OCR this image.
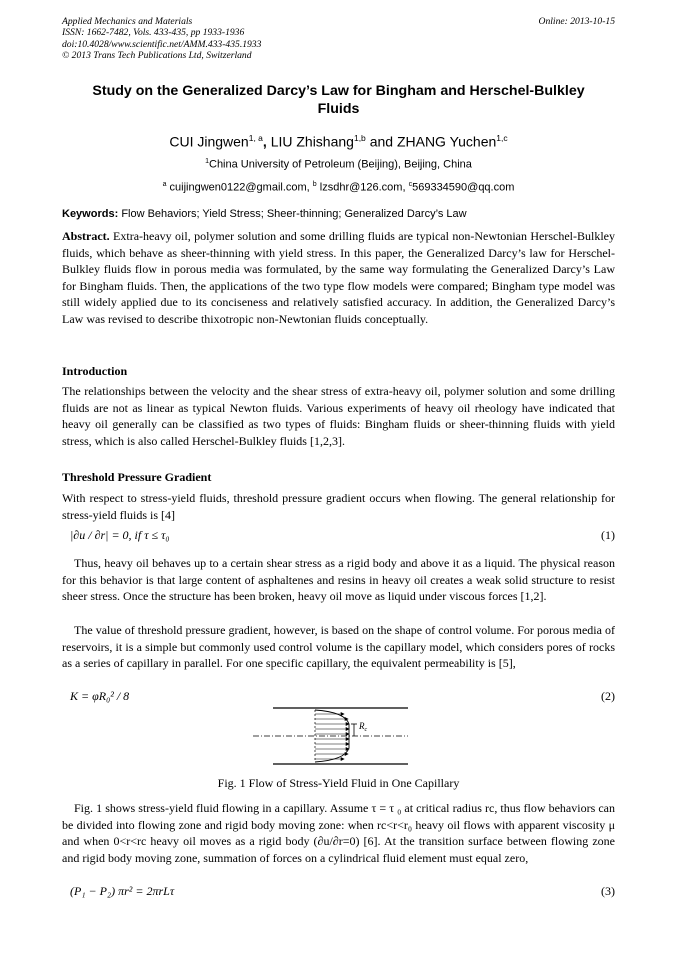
Applied Mechanics and Materials
ISSN: 1662-7482, Vols. 433-435, pp 1933-1936
doi:10.4028/www.scientific.net/AMM.433-435.1933
© 2013 Trans Tech Publications Ltd, Switzerland
Online: 2013-10-15
Study on the Generalized Darcy’s Law for Bingham and Herschel-Bulkley
Fluids
CUI Jingwen$^{1, a}$, LIU Zhishang$^{1,b}$ and ZHANG Yuchen$^{1,c}$
$^1$China University of Petroleum (Beijing), Beijing, China
$^a$ cuijingwen0122@gmail.com, $^b$ lzsdhr@126.com, $^c$569334590@qq.com
Keywords: Flow Behaviors; Yield Stress; Sheer-thinning; Generalized Darcy’s Law
Abstract. Extra-heavy oil, polymer solution and some drilling fluids are typical non-Newtonian Herschel-Bulkley fluids, which behave as sheer-thinning with yield stress. In this paper, the Generalized Darcy’s law for Herschel-Bulkley fluids flow in porous media was formulated, by the same way formulating the Generalized Darcy’s Law for Bingham fluids. Then, the applications of the two type flow models were compared; Bingham type model was still widely applied due to its conciseness and relatively satisfied accuracy. In addition, the Generalized Darcy’s Law was revised to describe thixotropic non-Newtonian fluids conceptually.
Introduction
The relationships between the velocity and the shear stress of extra-heavy oil, polymer solution and some drilling fluids are not as linear as typical Newton fluids. Various experiments of heavy oil rheology have indicated that heavy oil generally can be classified as two types of fluids: Bingham fluids or sheer-thinning fluids with yield stress, which is also called Herschel-Bulkley fluids [1,2,3].
Threshold Pressure Gradient
With respect to stress-yield fluids, threshold pressure gradient occurs when flowing. The general relationship for stress-yield fluids is [4]
|∂u / ∂r| = 0, if τ ≤ τ₀	(1)
Thus, heavy oil behaves up to a certain shear stress as a rigid body and above it as a liquid. The physical reason for this behavior is that large content of asphaltenes and resins in heavy oil creates a weak solid structure to resist sheer stress. Once the structure has been broken, heavy oil move as liquid under viscous forces [1,2].
The value of threshold pressure gradient, however, is based on the shape of control volume. For porous media of reservoirs, it is a simple but commonly used control volume is the capillary model, which considers pores of rocks as a series of capillary in parallel. For one specific capillary, the equivalent permeability is [5],
K = φR₀² / 8	(2)
$R_c$
Fig. 1 Flow of Stress-Yield Fluid in One Capillary
Fig. 1 shows stress-yield fluid flowing in a capillary. Assume τ = τ ₀ at critical radius rc, thus flow behaviors can be divided into flowing zone and rigid body moving zone: when rc<r<r₀ heavy oil flows with apparent viscosity μ and when 0<r<rc heavy oil moves as a rigid body (∂u/∂r=0) [6]. At the transition surface between flowing zone and rigid body moving zone, summation of forces on a cylindrical fluid element must equal zero,
(P₁ − P₂) πr² = 2πrLτ	(3)
